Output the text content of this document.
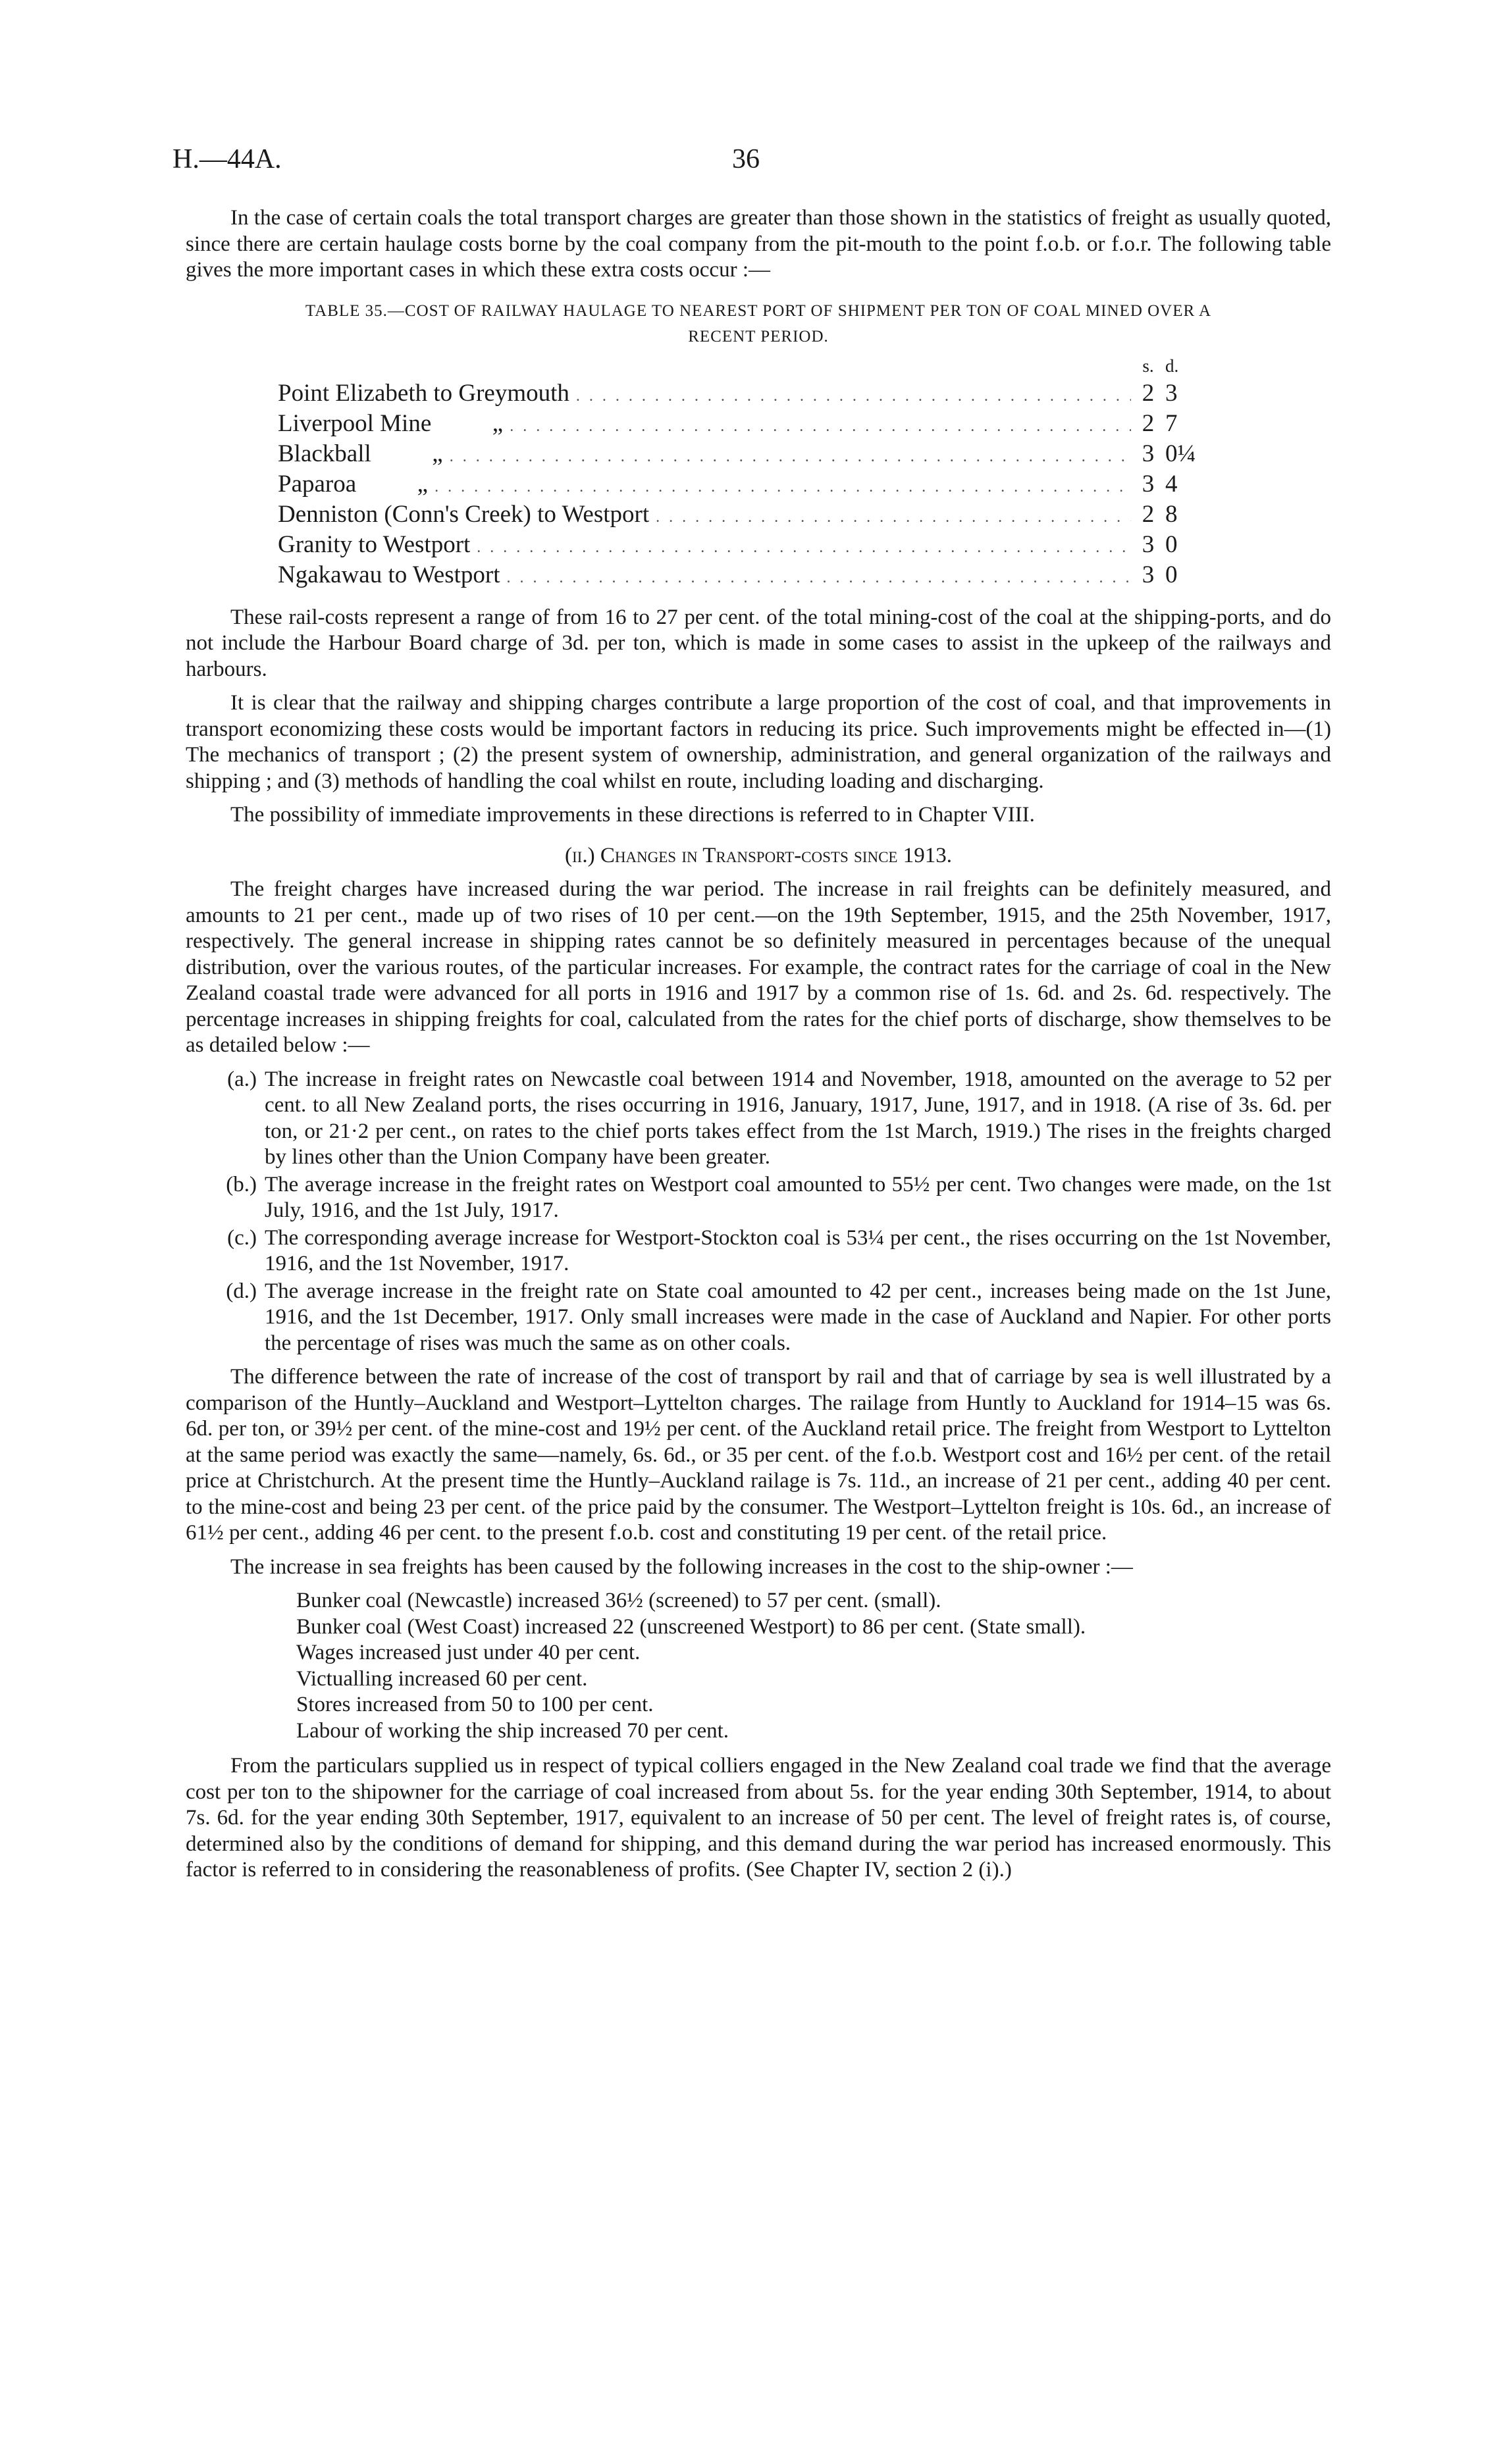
H.—44A.	36

In the case of certain coals the total transport charges are greater than those shown in the statistics of freight as usually quoted, since there are certain haulage costs borne by the coal company from the pit-mouth to the point f.o.b. or f.o.r. The following table gives the more important cases in which these extra costs occur :—

TABLE 35.—COST OF RAILWAY HAULAGE TO NEAREST PORT OF SHIPMENT PER TON OF COAL MINED OVER A
RECENT PERIOD.
s. d.
Point Elizabeth to Greymouth . . .	2 3
Liverpool Mine          „ . . .	2 7
Blackball          „ . . .	3 0¼
Paparoa          „ . . .	3 4
Denniston (Conn's Creek) to Westport . . .	2 8
Granity to Westport . . .	3 0
Ngakawau to Westport . . .	3 0

These rail-costs represent a range of from 16 to 27 per cent. of the total mining-cost of the coal at the shipping-ports, and do not include the Harbour Board charge of 3d. per ton, which is made in some cases to assist in the upkeep of the railways and harbours.

It is clear that the railway and shipping charges contribute a large proportion of the cost of coal, and that improvements in transport economizing these costs would be important factors in reducing its price. Such improvements might be effected in—(1) The mechanics of transport ; (2) the present system of ownership, administration, and general organization of the railways and shipping ; and (3) methods of handling the coal whilst en route, including loading and discharging.

The possibility of immediate improvements in these directions is referred to in Chapter VIII.

(ii.) Changes in Transport-costs since 1913.

The freight charges have increased during the war period. The increase in rail freights can be definitely measured, and amounts to 21 per cent., made up of two rises of 10 per cent.—on the 19th September, 1915, and the 25th November, 1917, respectively. The general increase in shipping rates cannot be so definitely measured in percentages because of the unequal distribution, over the various routes, of the particular increases. For example, the contract rates for the carriage of coal in the New Zealand coastal trade were advanced for all ports in 1916 and 1917 by a common rise of 1s. 6d. and 2s. 6d. respectively. The percentage increases in shipping freights for coal, calculated from the rates for the chief ports of discharge, show themselves to be as detailed below :—

(a.) The increase in freight rates on Newcastle coal between 1914 and November, 1918, amounted on the average to 52 per cent. to all New Zealand ports, the rises occurring in 1916, January, 1917, June, 1917, and in 1918. (A rise of 3s. 6d. per ton, or 21·2 per cent., on rates to the chief ports takes effect from the 1st March, 1919.) The rises in the freights charged by lines other than the Union Company have been greater.
(b.) The average increase in the freight rates on Westport coal amounted to 55½ per cent. Two changes were made, on the 1st July, 1916, and the 1st July, 1917.
(c.) The corresponding average increase for Westport-Stockton coal is 53¼ per cent., the rises occurring on the 1st November, 1916, and the 1st November, 1917.
(d.) The average increase in the freight rate on State coal amounted to 42 per cent., increases being made on the 1st June, 1916, and the 1st December, 1917. Only small increases were made in the case of Auckland and Napier. For other ports the percentage of rises was much the same as on other coals.

The difference between the rate of increase of the cost of transport by rail and that of carriage by sea is well illustrated by a comparison of the Huntly–Auckland and Westport–Lyttelton charges. The railage from Huntly to Auckland for 1914–15 was 6s. 6d. per ton, or 39½ per cent. of the mine-cost and 19½ per cent. of the Auckland retail price. The freight from Westport to Lyttelton at the same period was exactly the same—namely, 6s. 6d., or 35 per cent. of the f.o.b. Westport cost and 16½ per cent. of the retail price at Christchurch. At the present time the Huntly–Auckland railage is 7s. 11d., an increase of 21 per cent., adding 40 per cent. to the mine-cost and being 23 per cent. of the price paid by the consumer. The Westport–Lyttelton freight is 10s. 6d., an increase of 61½ per cent., adding 46 per cent. to the present f.o.b. cost and constituting 19 per cent. of the retail price.

The increase in sea freights has been caused by the following increases in the cost to the ship-owner :—

Bunker coal (Newcastle) increased 36½ (screened) to 57 per cent. (small).
Bunker coal (West Coast) increased 22 (unscreened Westport) to 86 per cent. (State small).
Wages increased just under 40 per cent.
Victualling increased 60 per cent.
Stores increased from 50 to 100 per cent.
Labour of working the ship increased 70 per cent.

From the particulars supplied us in respect of typical colliers engaged in the New Zealand coal trade we find that the average cost per ton to the shipowner for the carriage of coal increased from about 5s. for the year ending 30th September, 1914, to about 7s. 6d. for the year ending 30th September, 1917, equivalent to an increase of 50 per cent. The level of freight rates is, of course, determined also by the conditions of demand for shipping, and this demand during the war period has increased enormously. This factor is referred to in considering the reasonableness of profits. (See Chapter IV, section 2 (i).)
